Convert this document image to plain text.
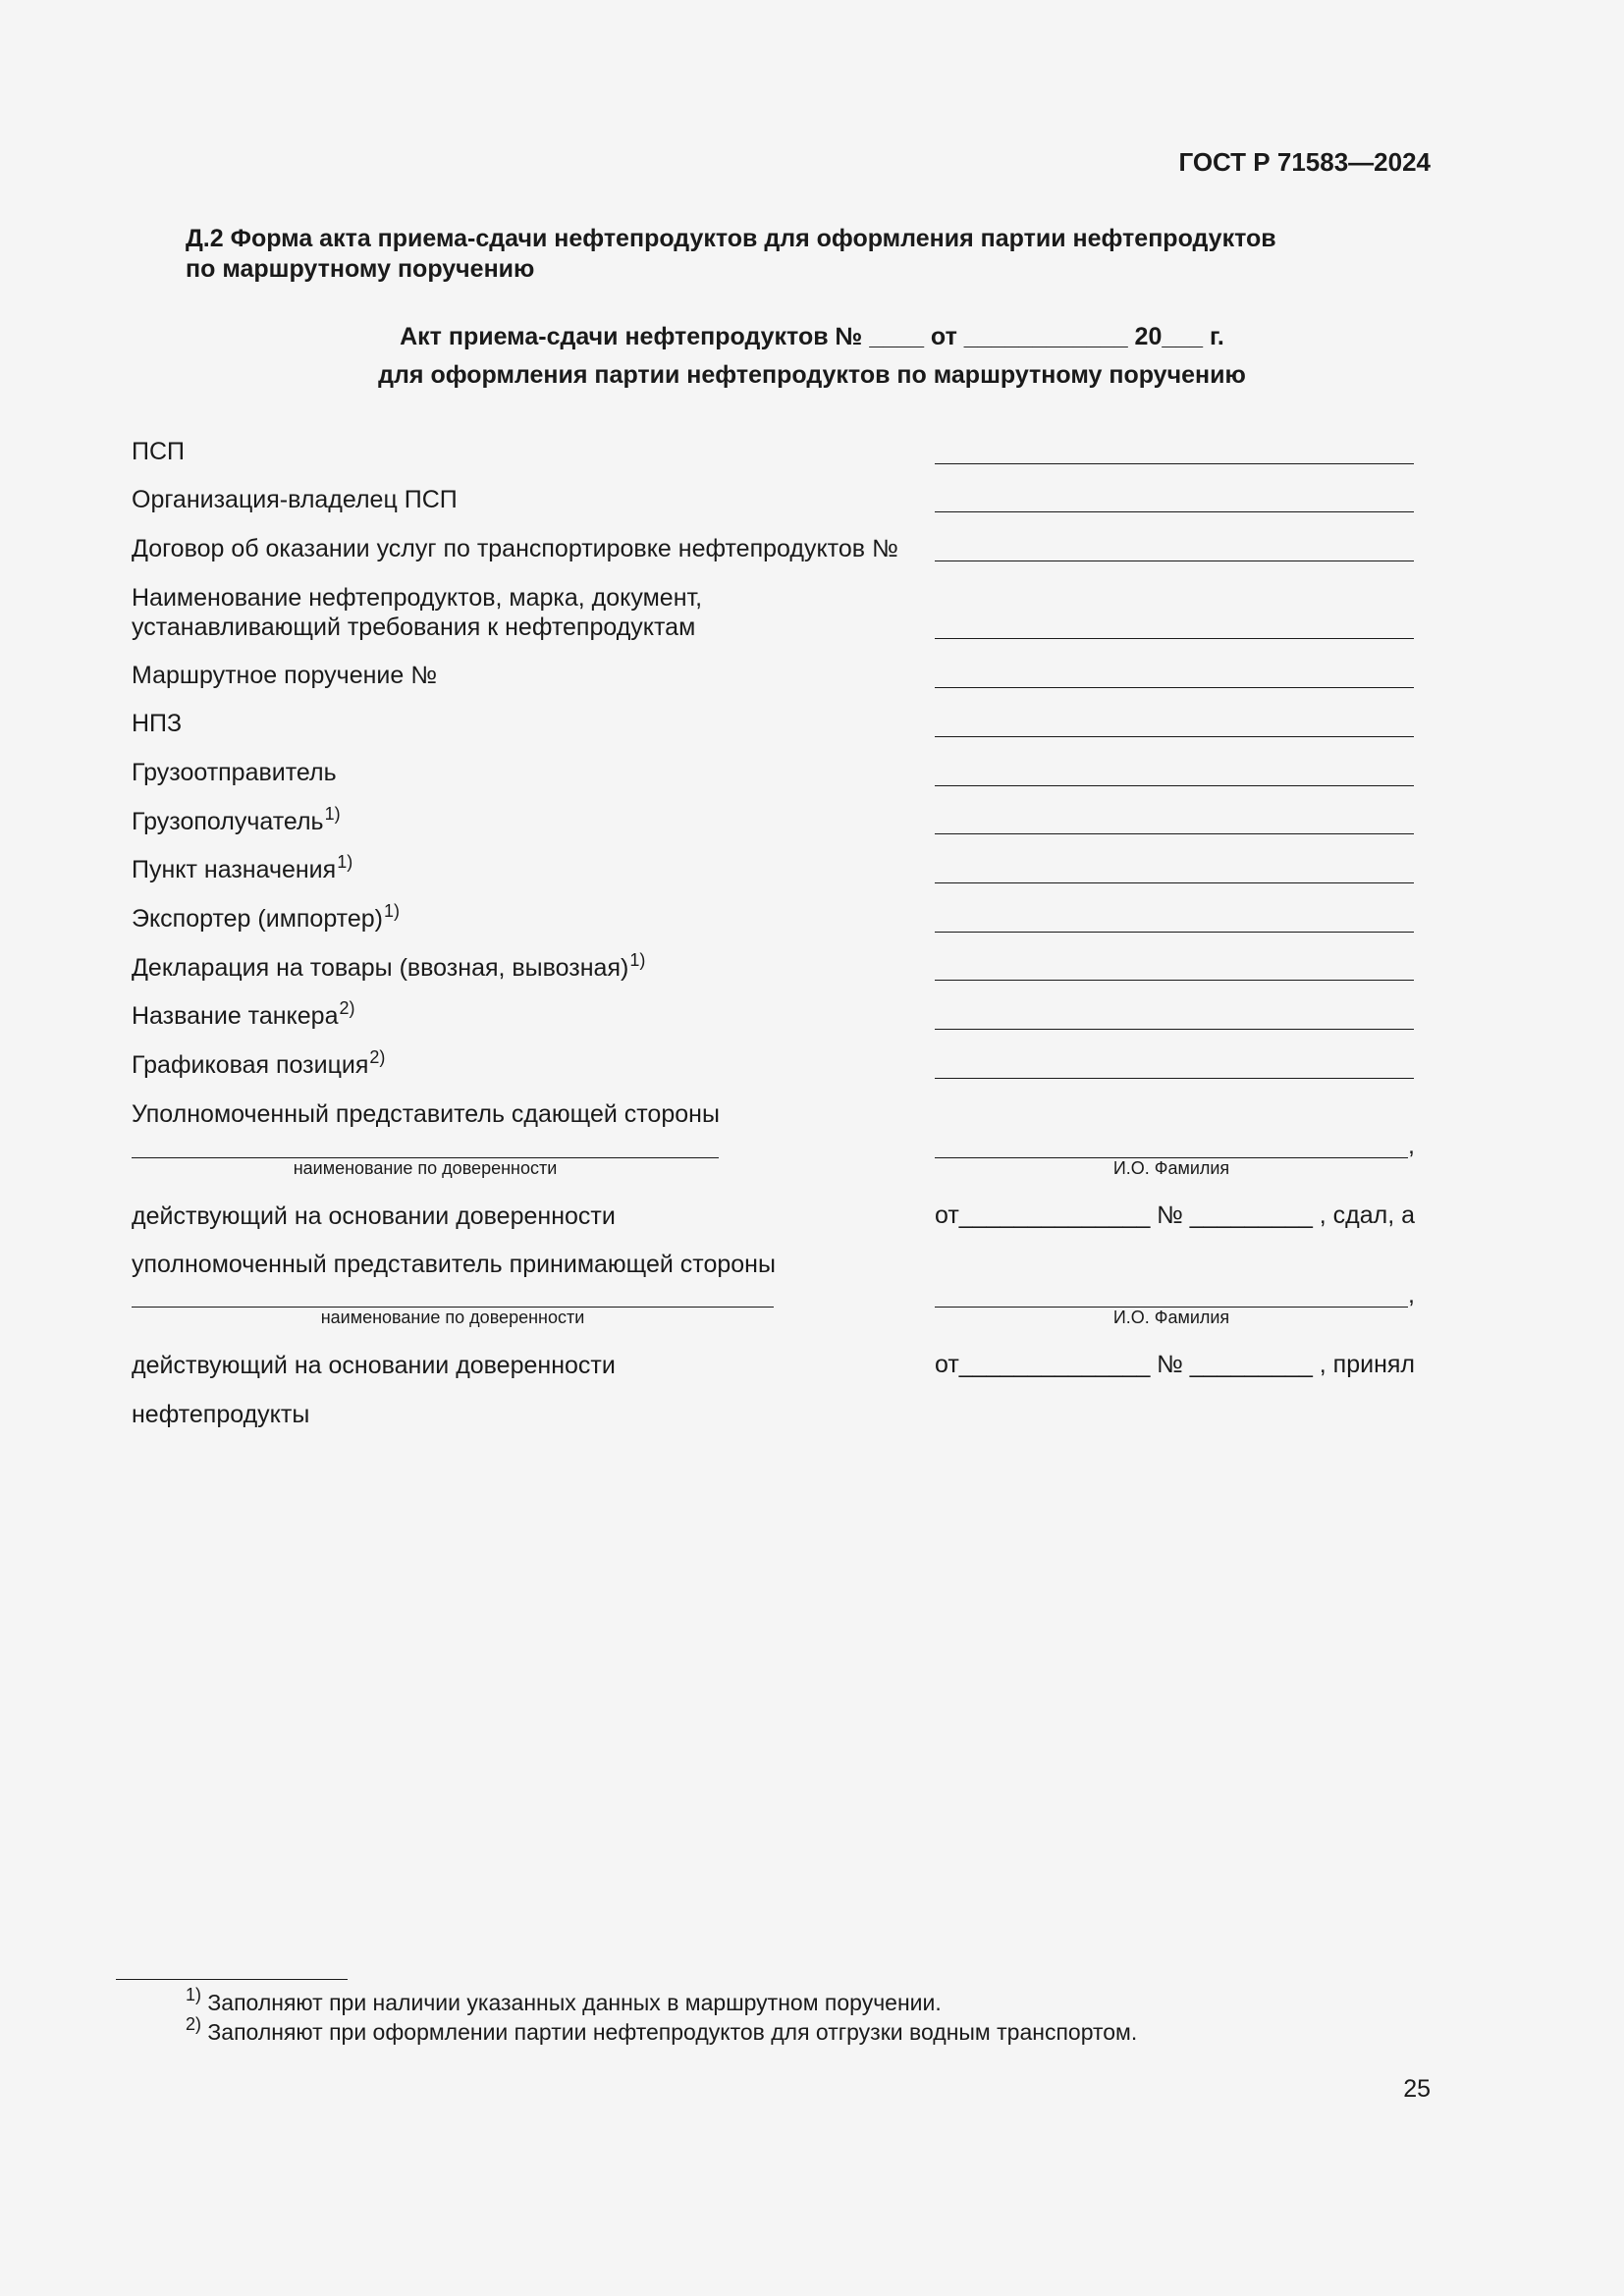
ГОСТ Р 71583—2024
Д.2 Форма акта приема-сдачи нефтепродуктов для оформления партии нефтепродуктов
по маршрутному поручению
Акт приема-сдачи нефтепродуктов № ____ от ____________ 20___ г.
для оформления партии нефтепродуктов по маршрутному поручению
ПСП
Организация-владелец ПСП
Договор об оказании услуг по транспортировке нефтепродуктов №
Наименование нефтепродуктов, марка, документ,
устанавливающий требования к нефтепродуктам
Маршрутное поручение №
НПЗ
Грузоотправитель
Грузополучатель$^{1)}$
Пункт назначения$^{1)}$
Экспортер (импортер)$^{1)}$
Декларация на товары (ввозная, вывозная)$^{1)}$
Название танкера$^{2)}$
Графиковая позиция$^{2)}$
Уполномоченный представитель сдающей стороны
наименование по доверенности
,
И.О. Фамилия
действующий на основании доверенности	от______________ № _________ , сдал, а
уполномоченный представитель принимающей стороны
наименование по доверенности
,
И.О. Фамилия
действующий на основании доверенности	от______________ № _________ , принял
нефтепродукты
$^{1)}$ Заполняют при наличии указанных данных в маршрутном поручении.
$^{2)}$ Заполняют при оформлении партии нефтепродуктов для отгрузки водным транспортом.
25
